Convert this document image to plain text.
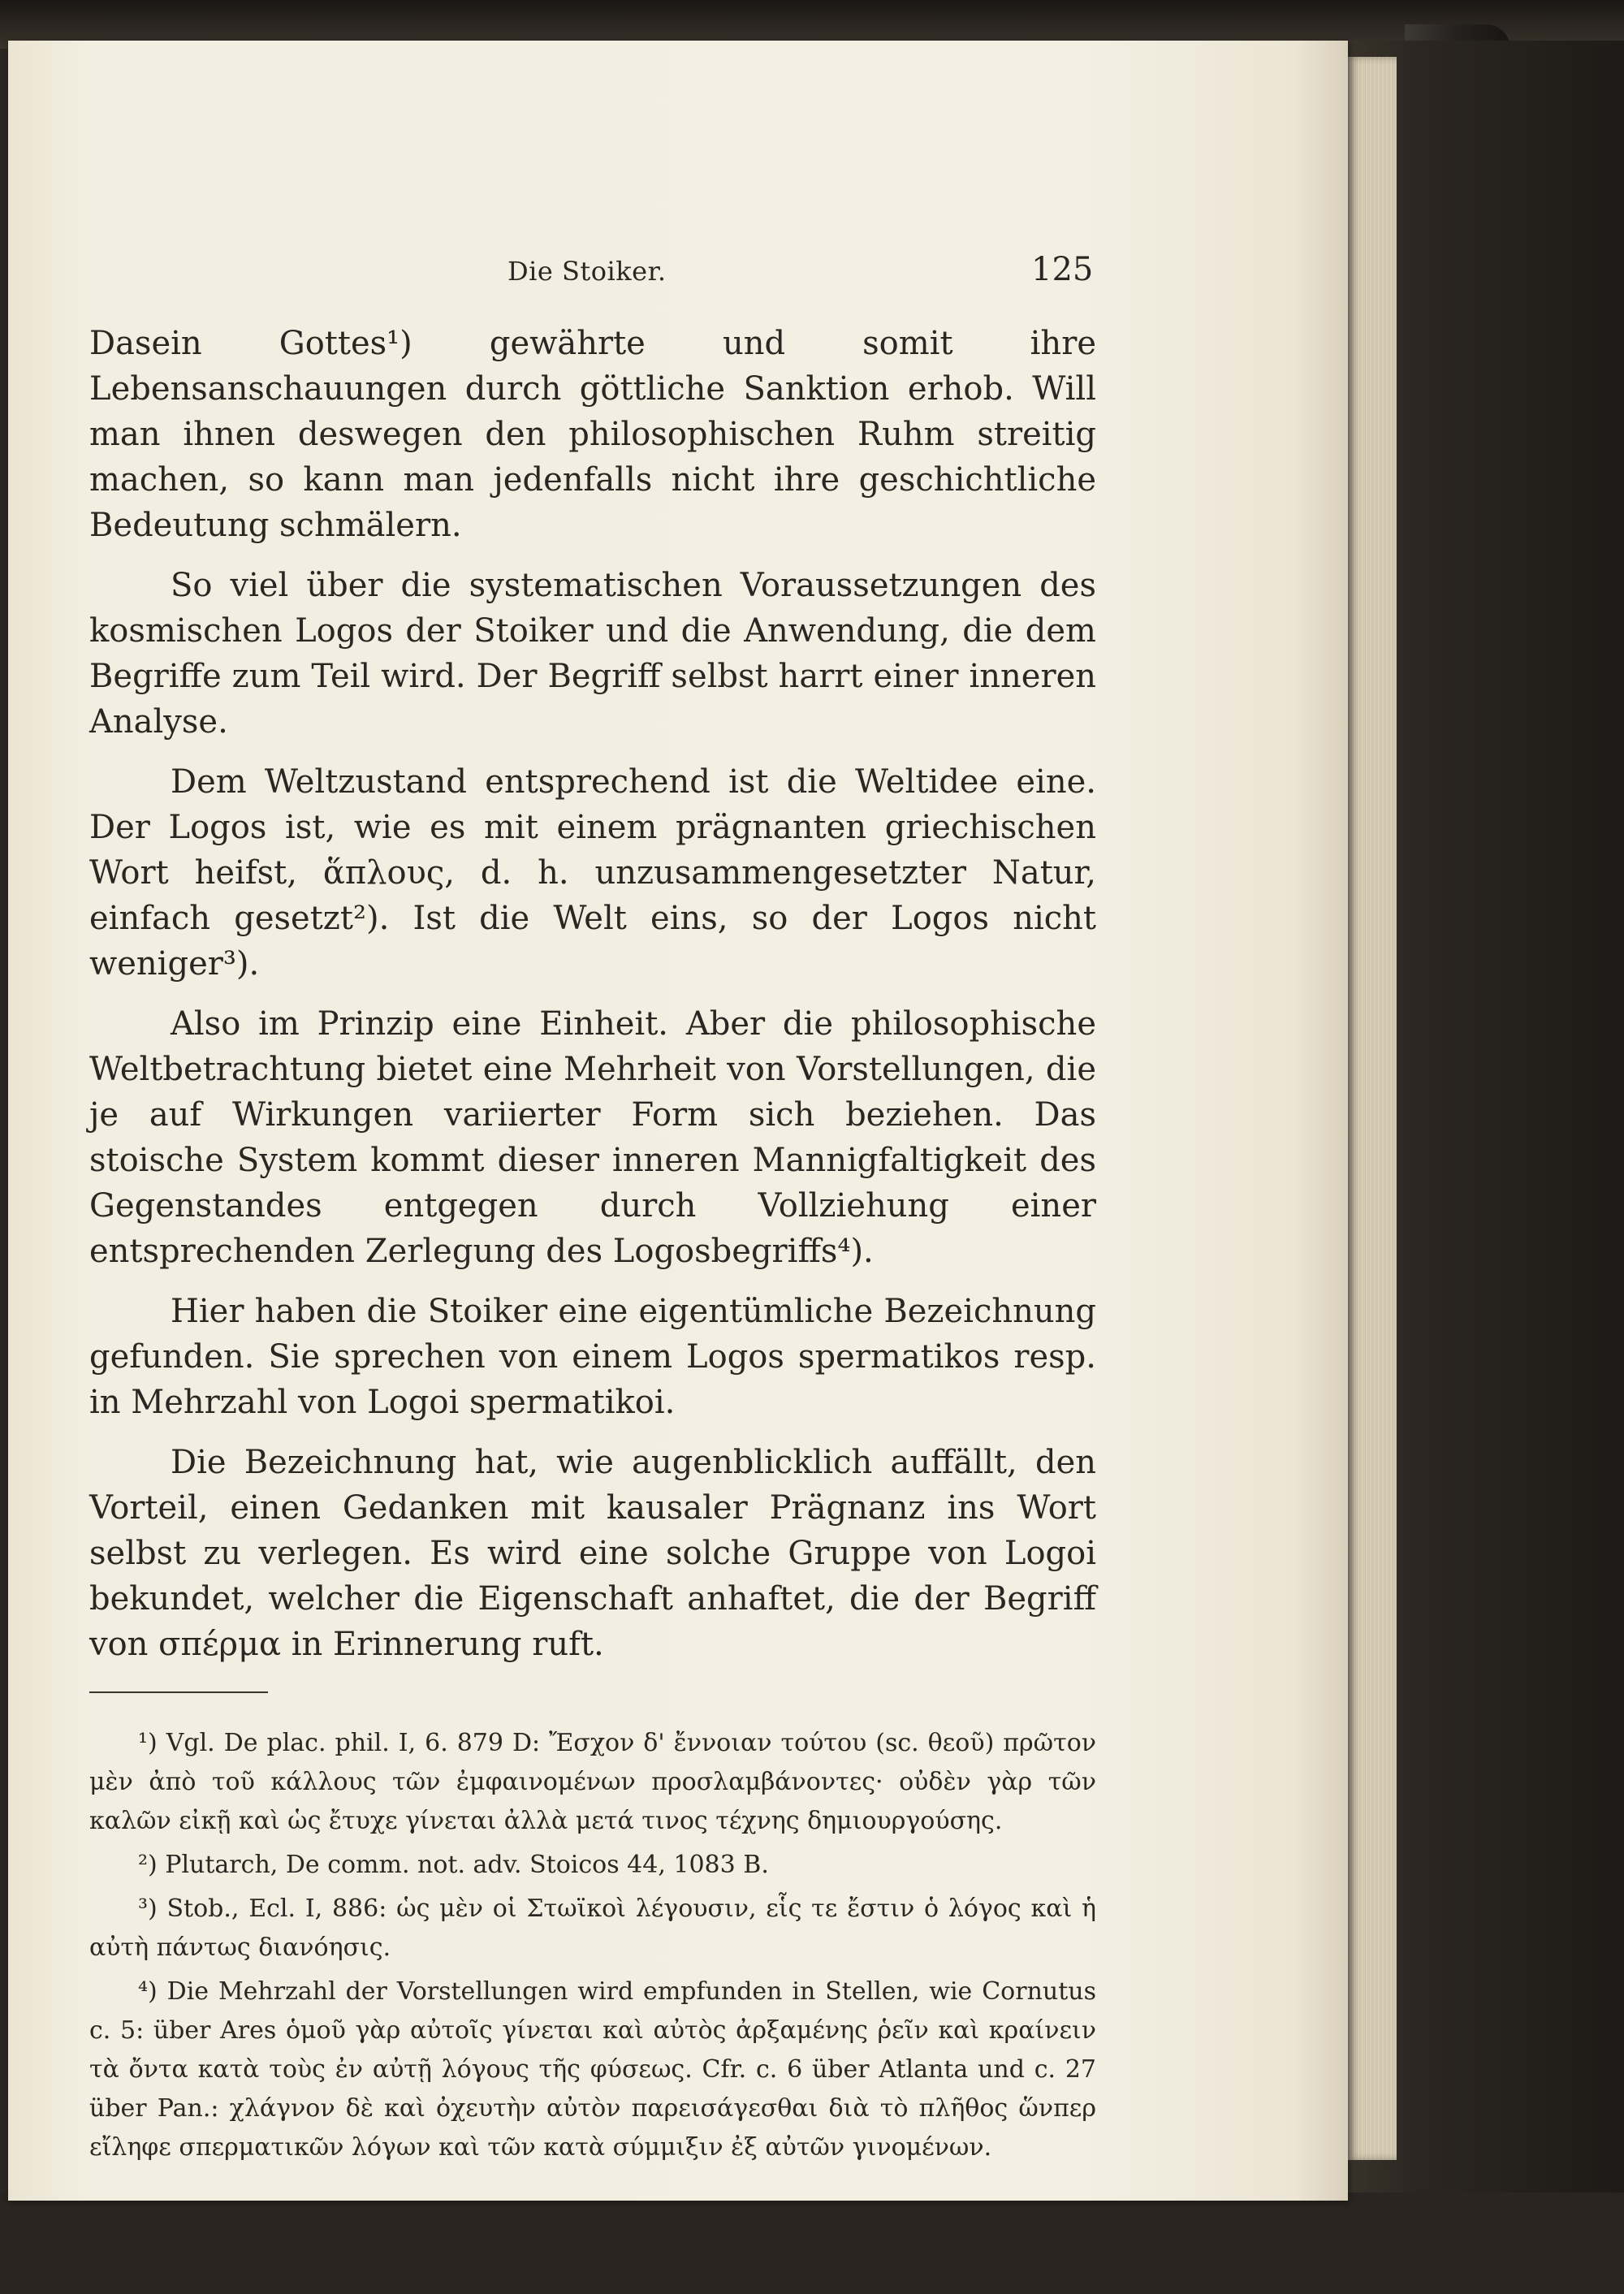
Die Stoiker.	125

Dasein Gottes¹) gewährte und somit ihre Lebensanschauungen durch göttliche Sanktion erhob. Will man ihnen deswegen den philosophischen Ruhm streitig machen, so kann man jedenfalls nicht ihre geschichtliche Bedeutung schmälern.

So viel über die systematischen Voraussetzungen des kosmischen Logos der Stoiker und die Anwendung, die dem Begriffe zum Teil wird. Der Begriff selbst harrt einer inneren Analyse.

Dem Weltzustand entsprechend ist die Weltidee eine. Der Logos ist, wie es mit einem prägnanten griechischen Wort heifst, ἅπλους, d. h. unzusammengesetzter Natur, einfach gesetzt²). Ist die Welt eins, so der Logos nicht weniger³).

Also im Prinzip eine Einheit. Aber die philosophische Weltbetrachtung bietet eine Mehrheit von Vorstellungen, die je auf Wirkungen variierter Form sich beziehen. Das stoische System kommt dieser inneren Mannigfaltigkeit des Gegenstandes entgegen durch Vollziehung einer entsprechenden Zerlegung des Logosbegriffs⁴).

Hier haben die Stoiker eine eigentümliche Bezeichnung gefunden. Sie sprechen von einem Logos spermatikos resp. in Mehrzahl von Logoi spermatikoi.

Die Bezeichnung hat, wie augenblicklich auffällt, den Vorteil, einen Gedanken mit kausaler Prägnanz ins Wort selbst zu verlegen. Es wird eine solche Gruppe von Logoi bekundet, welcher die Eigenschaft anhaftet, die der Begriff von σπέρμα in Erinnerung ruft.

¹) Vgl. De plac. phil. I, 6. 879 D: Ἔσχον δ' ἔννοιαν τούτου (sc. θεοῦ) πρῶτον μὲν ἀπὸ τοῦ κάλλους τῶν ἐμφαινομένων προσλαμβάνοντες· οὐδὲν γὰρ τῶν καλῶν εἰκῇ καὶ ὡς ἔτυχε γίνεται ἀλλὰ μετά τινος τέχνης δημιουργούσης.

²) Plutarch, De comm. not. adv. Stoicos 44, 1083 B.

³) Stob., Ecl. I, 886: ὡς μὲν οἱ Στωϊκοὶ λέγουσιν, εἷς τε ἔστιν ὁ λόγος καὶ ἡ αὐτὴ πάντως διανόησις.

⁴) Die Mehrzahl der Vorstellungen wird empfunden in Stellen, wie Cornutus c. 5: über Ares ὁμοῦ γὰρ αὐτοῖς γίνεται καὶ αὐτὸς ἀρξαμένης ῥεῖν καὶ κραίνειν τὰ ὄντα κατὰ τοὺς ἐν αὐτῇ λόγους τῆς φύσεως. Cfr. c. 6 über Atlanta und c. 27 über Pan.: χλάγνον δὲ καὶ ὀχευτὴν αὐτὸν παρεισάγεσθαι διὰ τὸ πλῆθος ὥνπερ εἴληφε σπερματικῶν λόγων καὶ τῶν κατὰ σύμμιξιν ἐξ αὐτῶν γινομένων.
